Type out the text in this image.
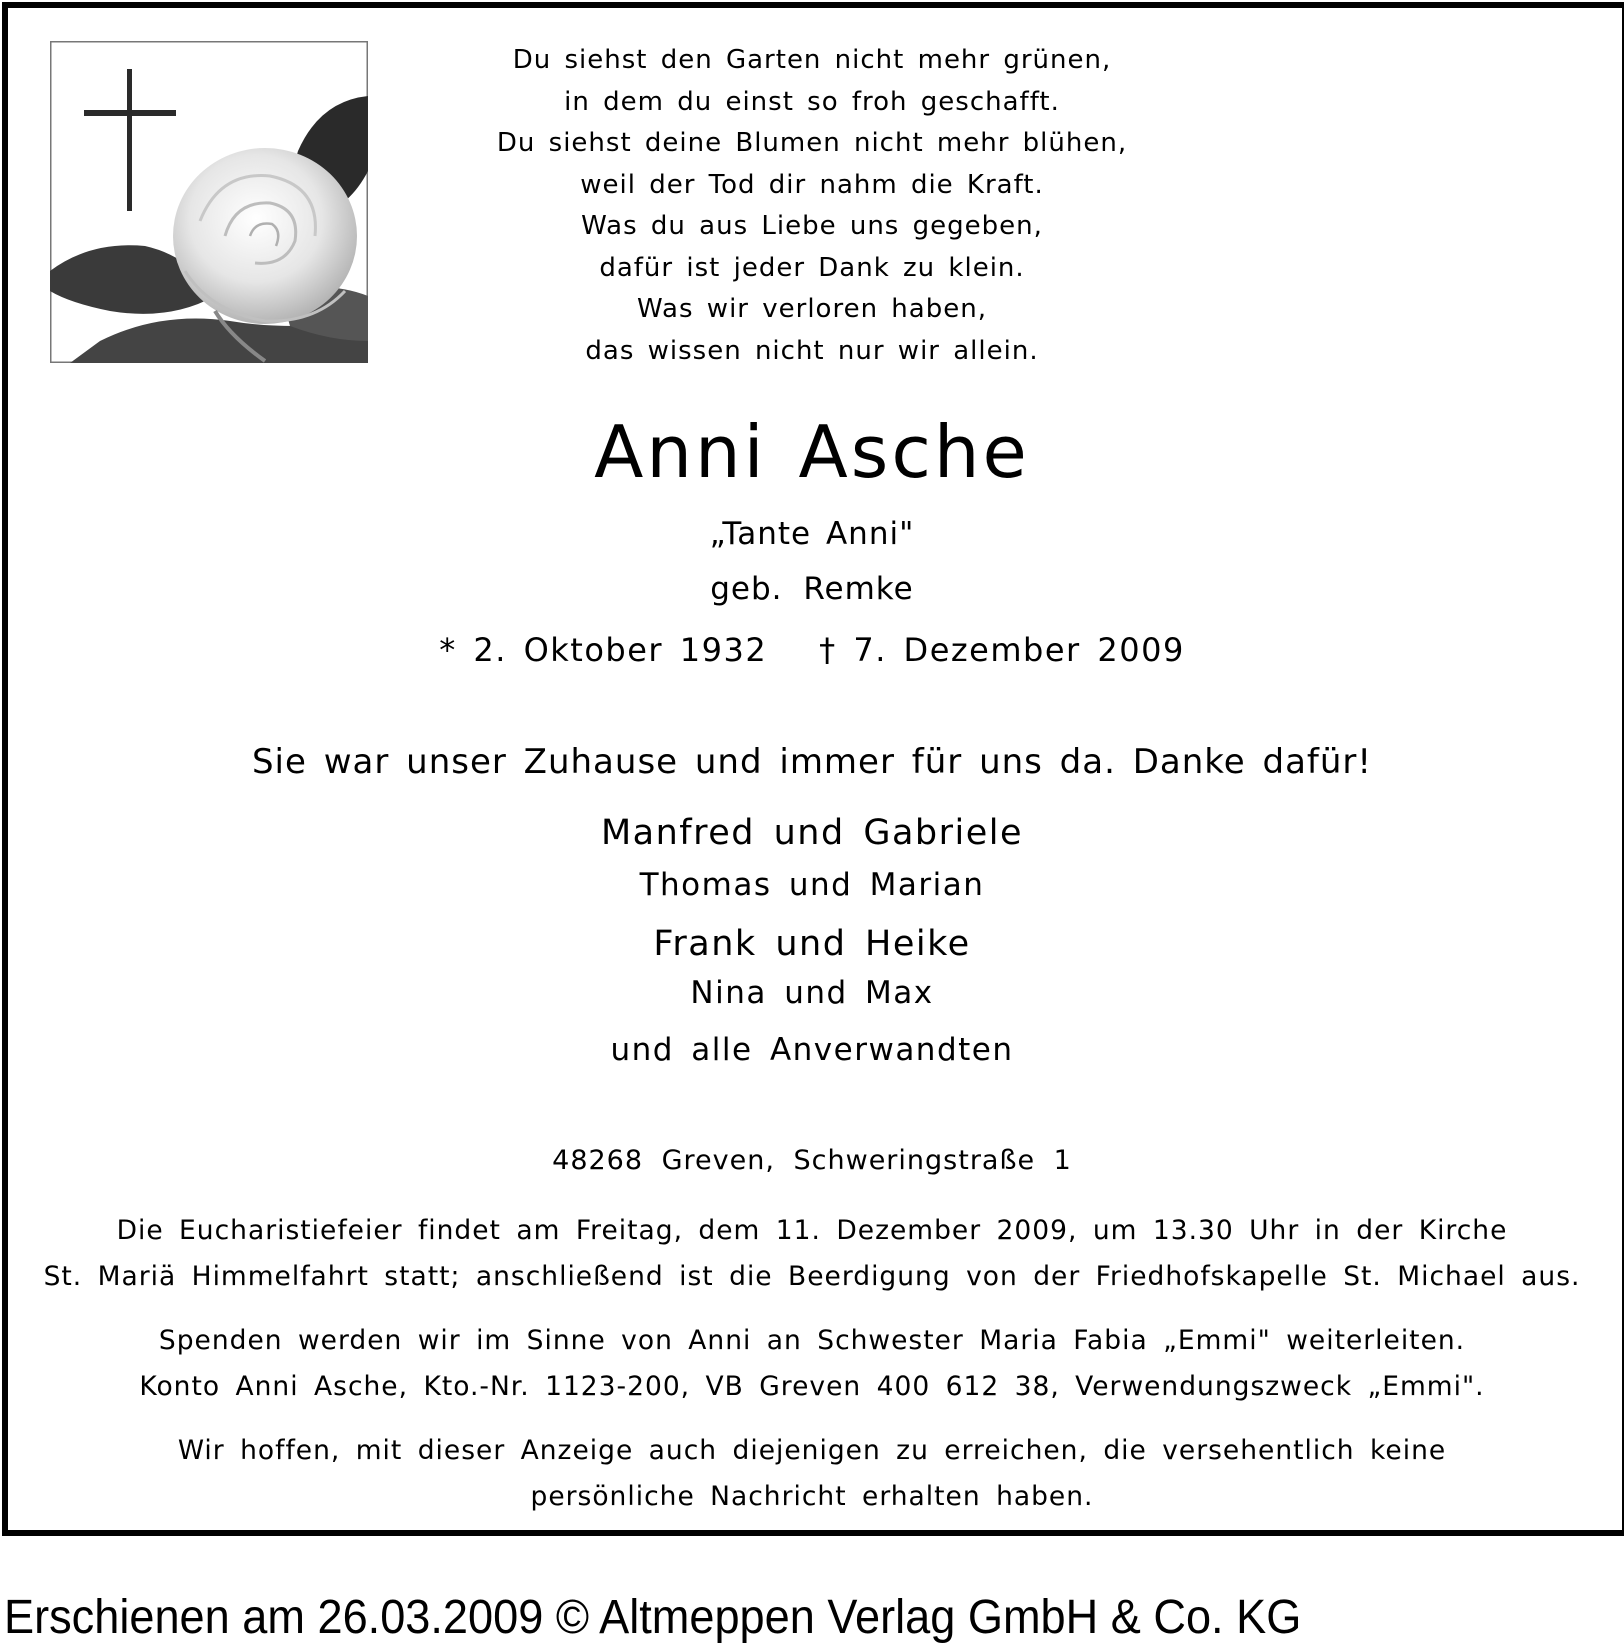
Du siehst den Garten nicht mehr grünen,
in dem du einst so froh geschafft.
Du siehst deine Blumen nicht mehr blühen,
weil der Tod dir nahm die Kraft.
Was du aus Liebe uns gegeben,
dafür ist jeder Dank zu klein.
Was wir verloren haben,
das wissen nicht nur wir allein.
Anni Asche
„Tante Anni"
geb. Remke
* 2. Oktober 1932 † 7. Dezember 2009
Sie war unser Zuhause und immer für uns da. Danke dafür!
Manfred und Gabriele
Thomas und Marian
Frank und Heike
Nina und Max
und alle Anverwandten
48268 Greven, Schweringstraße 1
Die Eucharistiefeier findet am Freitag, dem 11. Dezember 2009, um 13.30 Uhr in der Kirche
St. Mariä Himmelfahrt statt; anschließend ist die Beerdigung von der Friedhofskapelle St. Michael aus.
Spenden werden wir im Sinne von Anni an Schwester Maria Fabia „Emmi" weiterleiten.
Konto Anni Asche, Kto.-Nr. 1123-200, VB Greven 400 612 38, Verwendungszweck „Emmi".
Wir hoffen, mit dieser Anzeige auch diejenigen zu erreichen, die versehentlich keine
persönliche Nachricht erhalten haben.
Erschienen am 26.03.2009 © Altmeppen Verlag GmbH & Co. KG
